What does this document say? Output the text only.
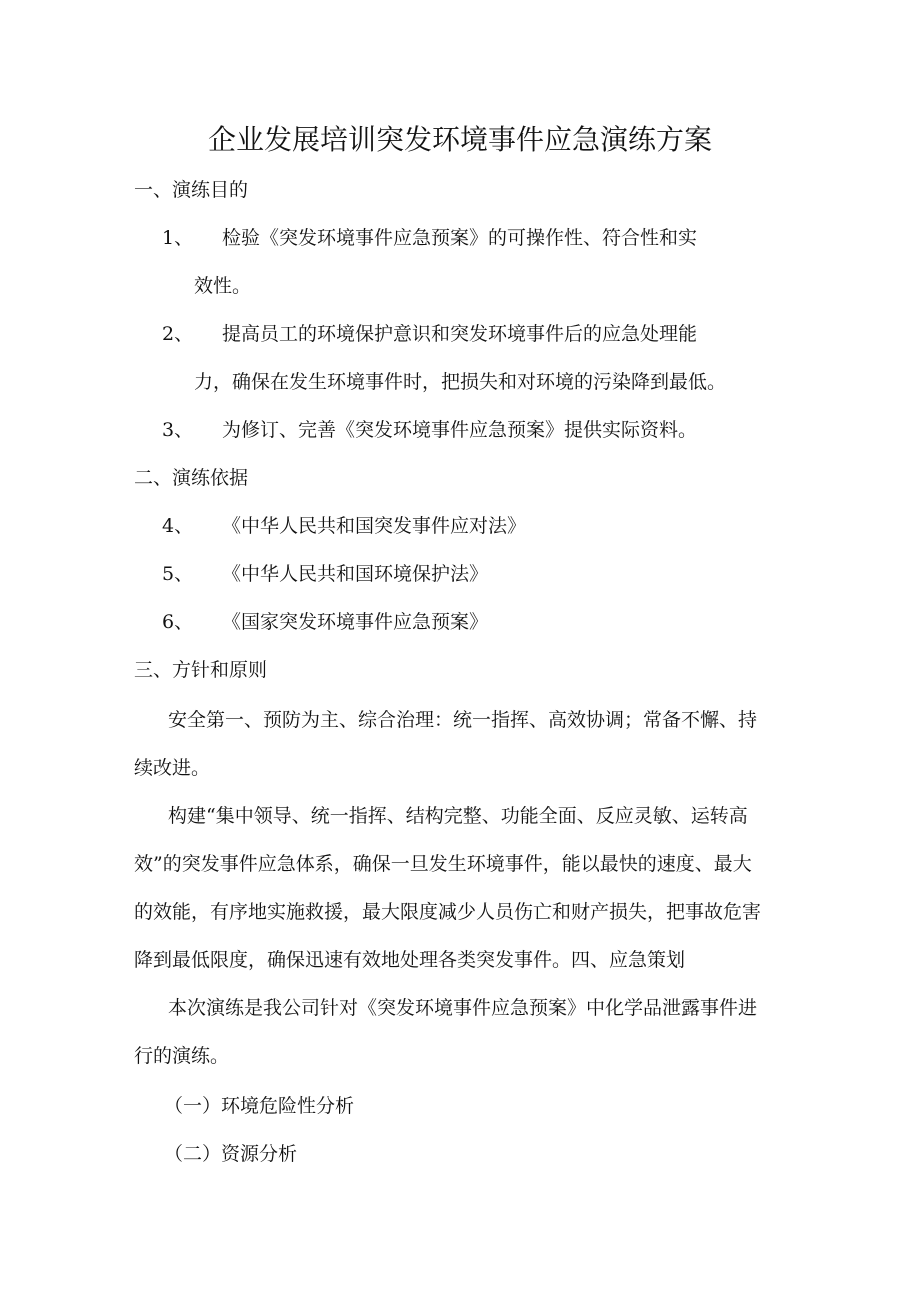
企业发展培训突发环境事件应急演练方案
一、演练目的
1、 检验《突发环境事件应急预案》的可操作性、符合性和实
效性。
2、 提高员工的环境保护意识和突发环境事件后的应急处理能
力，确保在发生环境事件时，把损失和对环境的污染降到最低。
3、 为修订、完善《突发环境事件应急预案》提供实际资料。
二、演练依据
4、 《中华人民共和国突发事件应对法》
5、 《中华人民共和国环境保护法》
6、 《国家突发环境事件应急预案》
三、方针和原则
安全第一、预防为主、综合治理：统一指挥、高效协调；常备不懈、持
续改进。
构建“集中领导、统一指挥、结构完整、功能全面、反应灵敏、运转高
效”的突发事件应急体系，确保一旦发生环境事件，能以最快的速度、最大
的效能，有序地实施救援，最大限度减少人员伤亡和财产损失，把事故危害
降到最低限度，确保迅速有效地处理各类突发事件。四、应急策划
本次演练是我公司针对《突发环境事件应急预案》中化学品泄露事件进
行的演练。
（一）环境危险性分析
（二）资源分析
